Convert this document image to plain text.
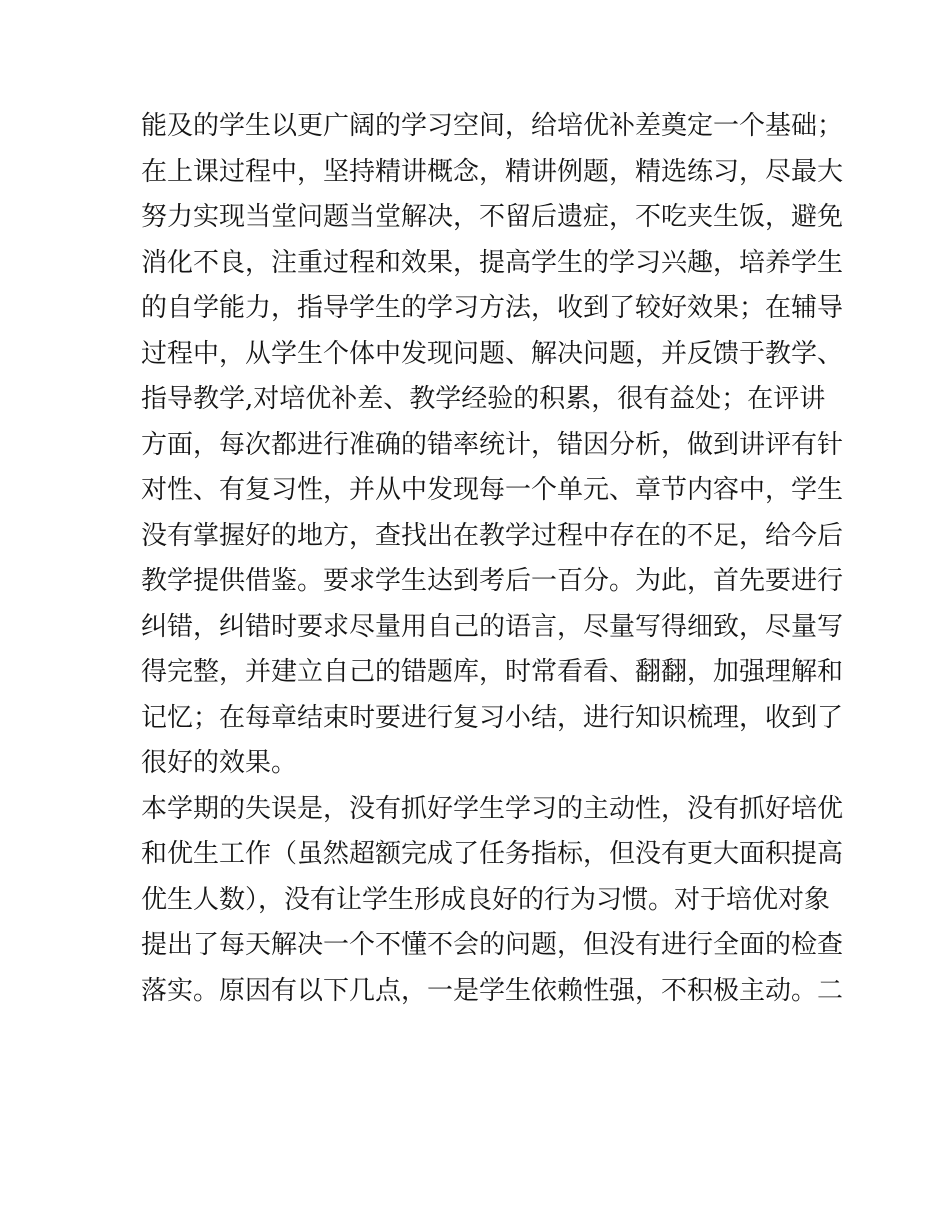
能及的学生以更广阔的学习空间，给培优补差奠定一个基础；
在上课过程中，坚持精讲概念，精讲例题，精选练习，尽最大
努力实现当堂问题当堂解决，不留后遗症，不吃夹生饭，避免
消化不良，注重过程和效果，提高学生的学习兴趣，培养学生
的自学能力，指导学生的学习方法，收到了较好效果；在辅导
过程中，从学生个体中发现问题、解决问题，并反馈于教学、
指导教学,对培优补差、教学经验的积累，很有益处；在评讲
方面，每次都进行准确的错率统计，错因分析，做到讲评有针
对性、有复习性，并从中发现每一个单元、章节内容中，学生
没有掌握好的地方，查找出在教学过程中存在的不足，给今后
教学提供借鉴。要求学生达到考后一百分。为此，首先要进行
纠错，纠错时要求尽量用自己的语言，尽量写得细致，尽量写
得完整，并建立自己的错题库，时常看看、翻翻，加强理解和
记忆；在每章结束时要进行复习小结，进行知识梳理，收到了
很好的效果。
本学期的失误是，没有抓好学生学习的主动性，没有抓好培优
和优生工作（虽然超额完成了任务指标，但没有更大面积提高
优生人数），没有让学生形成良好的行为习惯。对于培优对象
提出了每天解决一个不懂不会的问题，但没有进行全面的检查
落实。原因有以下几点，一是学生依赖性强，不积极主动。二
